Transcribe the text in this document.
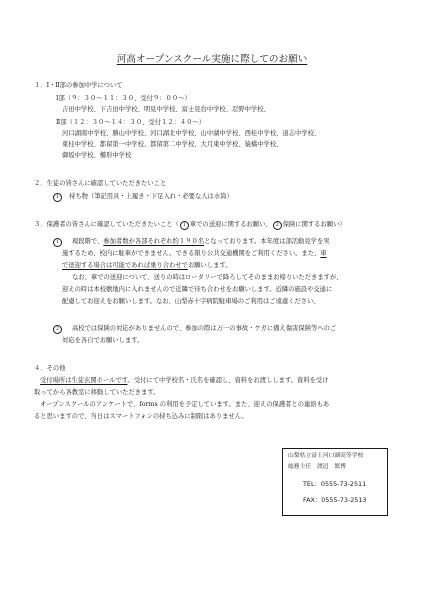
河高オープンスクール実施に際してのお願い
１．Ⅰ・Ⅱ部の参加中学について
Ⅰ部（９：３０～１１：３０、受付９：００～）
吉田中学校、下吉田中学校、明見中学校、富士見台中学校、忍野中学校、
Ⅱ部（１２：３０～１４：３０、受付１２：４０～）
河口湖南中学校、勝山中学校、河口湖北中学校、山中湖中学校、西桂中学校、道志中学校、
東桂中学校、都留第一中学校、都留第二中学校、大月東中学校、猿橋中学校、
御坂中学校、櫛形中学校
２．生徒の皆さんに確認していただきたいこと
1 持ち物（筆記用具・上履き・下足入れ・必要な人は水筒）
３．保護者の皆さんに確認していただきたいこと（ 1 車での送迎に関するお願い、 2 保険に関するお願い）
1	現段階で、参加者数が各部それぞれ約１９０名となっております。本年度は部活動見学を実
施するため、校内に駐車ができません。できる限り公共交通機関をご利用ください。また、車
で送迎する場合は可能であれば乗り合わせでお願いします。
なお、車での送迎について、送りの時はロータリーで降ろしてそのままお帰りいただきますが、
迎えの時は本校敷地内に入れませんので近隣で待ち合わせをお願いします。近隣の施設や交通に
配慮してお迎えをお願いします。なお、山梨赤十字病院駐車場のご利用はご遠慮ください。
2	高校では保険の対応がありませんので、参加の際は万一の事故・ケガに備え傷害保険等へのご
対応を各自でお願いします。
４．その他
受付場所は生徒玄関ホールです。受付にて中学校名・氏名を確認し、資料をお渡しします。資料を受け
取ってから各教室に移動していただきます。
オープンスクールのアンケートで、forms の利用を予定しています。また、迎えの保護者との連絡もあ
ると思いますので、当日はスマートフォンの持ち込みに制限はありません。
山梨県立富士河口湖高等学校
総務主任　渡辺　繁博
TEL：0555-73-2511
FAX：0555-73-2513
